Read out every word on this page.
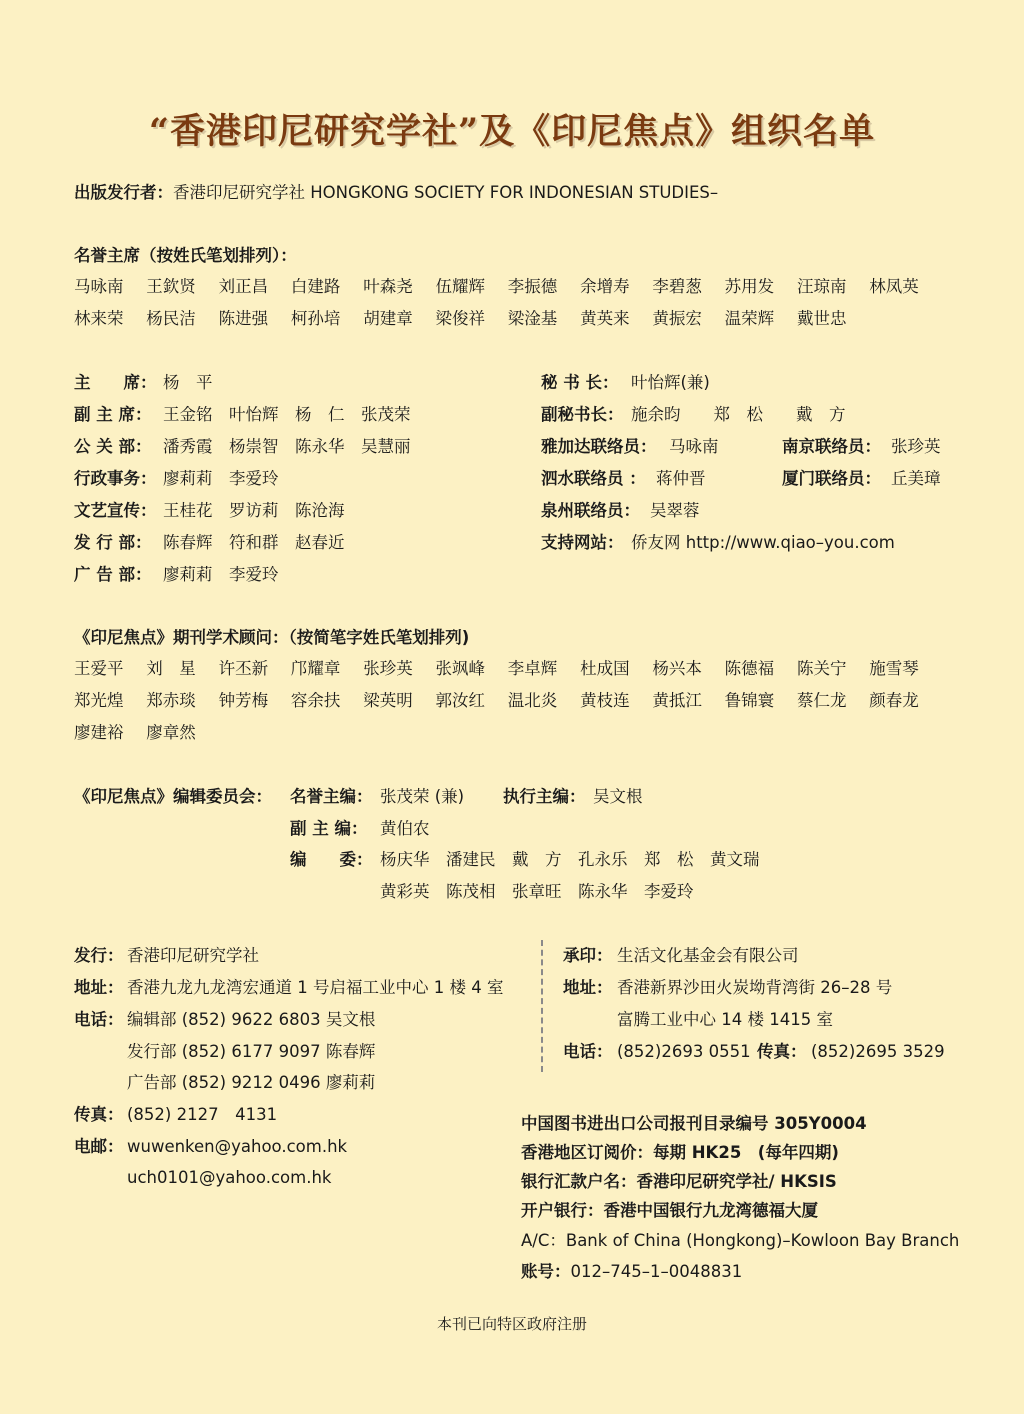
“香港印尼研究学社”及《印尼焦点》组织名单
出版发行者：香港印尼研究学社 HONGKONG SOCIETY FOR INDONESIAN STUDIES–
名誉主席（按姓氏笔划排列）：
马咏南 王欽贤 刘正昌 白建路 叶森尧 伍耀辉 李振德 余增寿 李碧葱 苏用发 汪琼南 林凤英
林来荣 杨民洁 陈进强 柯孙培 胡建章 梁俊祥 梁淦基 黄英来 黄振宏 温荣辉 戴世忠
主　　席： 杨　平
副 主 席： 王金铭　叶怡辉　杨　仁　张茂荣
公 关 部： 潘秀霞　杨崇智　陈永华　吴慧丽
行政事务： 廖莉莉　李爱玲
文艺宣传： 王桂花　罗访莉　陈沧海
发 行 部： 陈春辉　符和群　赵春近
广 告 部： 廖莉莉　李爱玲
秘 书 长： 叶怡辉(兼)
副秘书长： 施余昀　　郑　松　　戴　方
雅加达联络员： 马咏南	南京联络员： 张珍英
泗水联络员 ： 蒋仲晋	厦门联络员： 丘美璋
泉州联络员： 吴翠蓉
支持网站： 侨友网 http://www.qiao–you.com
《印尼焦点》期刊学术顾问：（按简笔字姓氏笔划排列)
王爱平 刘　星 许丕新 邝耀章 张珍英 张飒峰 李卓辉 杜成国 杨兴本 陈德福 陈关宁 施雪琴
郑光煌 郑赤琰 钟芳梅 容余扶 梁英明 郭汝红 温北炎 黄枝连 黄抵江 鲁锦寰 蔡仁龙 颜春龙
廖建裕 廖章然
《印尼焦点》编辑委员会： 名誉主编： 张茂荣 (兼) 执行主编： 吴文根
副 主 编： 黄伯农
编　　委： 杨庆华　潘建民　戴　方　孔永乐　郑　松　黄文瑞
黄彩英　陈茂相　张章旺　陈永华　李爱玲
发行： 香港印尼研究学社
地址： 香港九龙九龙湾宏通道 1 号启福工业中心 1 楼 4 室
电话： 编辑部 (852) 9622 6803 吴文根
发行部 (852) 6177 9097 陈春辉
广告部 (852) 9212 0496 廖莉莉
传真： (852) 2127　4131
电邮： wuwenken@yahoo.com.hk
uch0101@yahoo.com.hk
承印： 生活文化基金会有限公司
地址： 香港新界沙田火炭坳背湾街 26–28 号
富腾工业中心 14 楼 1415 室
电话： (852)2693 0551 传真： (852)2695 3529
中国图书进出口公司报刊目录编号 305Y0004
香港地区订阅价：每期 HK25　(每年四期)
银行汇款户名：香港印尼研究学社/ HKSIS
开户银行：香港中国银行九龙湾德福大厦
A/C：Bank of China (Hongkong)–Kowloon Bay Branch
账号：012–745–1–0048831
本刊已向特区政府注册
